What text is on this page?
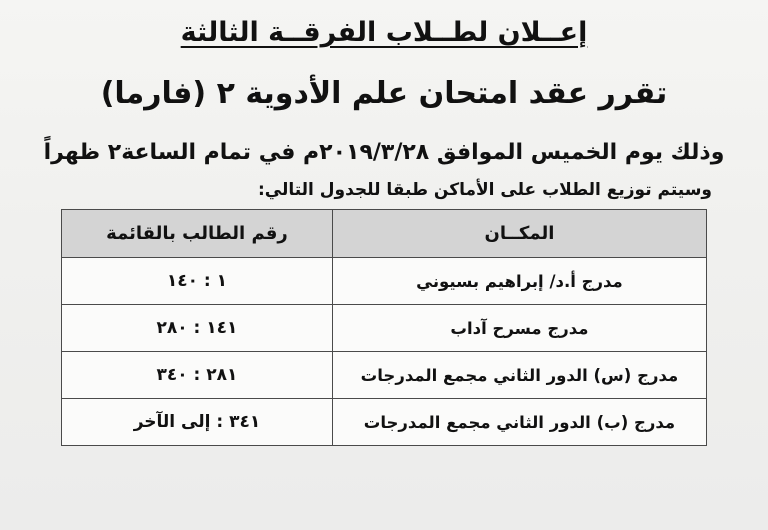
إعــلان لطــلاب الفرقــة الثالثة
تقرر عقد امتحان علم الأدوية ٢ (فارما)
وذلك يوم الخميس الموافق ٢٠١٩/٣/٢٨م في تمام الساعة٢ ظهراً
وسيتم توزيع الطلاب على الأماكن طبقا للجدول التالي:
المكــان	رقم الطالب بالقائمة
مدرج أ.د/ إبراهيم بسيوني	١ : ١٤٠
مدرج مسرح آداب	١٤١ : ٢٨٠
مدرج (س) الدور الثاني مجمع المدرجات	٢٨١ : ٣٤٠
مدرج (ب) الدور الثاني مجمع المدرجات	٣٤١ : إلى الآخر
